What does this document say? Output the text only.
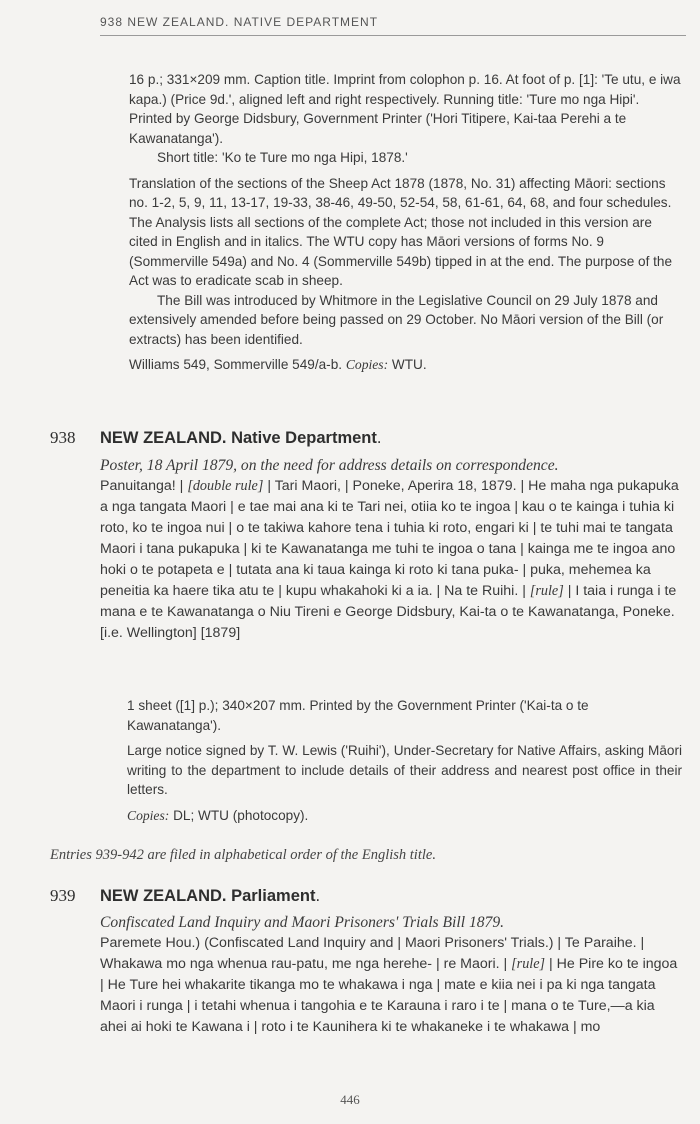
938 NEW ZEALAND. NATIVE DEPARTMENT

16 p.; 331×209 mm. Caption title. Imprint from colophon p. 16. At foot of p. [1]: 'Te utu, e iwa kapa.) (Price 9d.', aligned left and right respectively. Running title: 'Ture mo nga Hipi'. Printed by George Didsbury, Government Printer ('Hori Titipere, Kai-taa Perehi a te Kawanatanga').

Short title: 'Ko te Ture mo nga Hipi, 1878.'

Translation of the sections of the Sheep Act 1878 (1878, No. 31) affecting Māori: sections no. 1-2, 5, 9, 11, 13-17, 19-33, 38-46, 49-50, 52-54, 58, 61-61, 64, 68, and four schedules. The Analysis lists all sections of the complete Act; those not included in this version are cited in English and in italics. The WTU copy has Māori versions of forms No. 9 (Sommerville 549a) and No. 4 (Sommerville 549b) tipped in at the end. The purpose of the Act was to eradicate scab in sheep.

The Bill was introduced by Whitmore in the Legislative Council on 29 July 1878 and extensively amended before being passed on 29 October. No Māori version of the Bill (or extracts) has been identified.

Williams 549, Sommerville 549/a-b. Copies: WTU.

938 NEW ZEALAND. Native Department.

Poster, 18 April 1879, on the need for address details on correspondence.

Panuitanga! | [double rule] | Tari Maori, | Poneke, Aperira 18, 1879. | He maha nga pukapuka a nga tangata Maori | e tae mai ana ki te Tari nei, otiia ko te ingoa | kau o te kainga i tuhia ki roto, ko te ingoa nui | o te takiwa kahore tena i tuhia ki roto, engari ki | te tuhi mai te tangata Maori i tana pukapuka | ki te Kawanatanga me tuhi te ingoa o tana | kainga me te ingoa ano hoki o te potapeta e | tutata ana ki taua kainga ki roto ki tana puka- | puka, mehemea ka peneitia ka haere tika atu te | kupu whakahoki ki a ia. | Na te Ruihi. | [rule] | I taia i runga i te mana e te Kawanatanga o Niu Tireni e George Didsbury, Kai-ta o te Kawanatanga, Poneke. [i.e. Wellington] [1879]

1 sheet ([1] p.); 340×207 mm. Printed by the Government Printer ('Kai-ta o te Kawanatanga').

Large notice signed by T. W. Lewis ('Ruihi'), Under-Secretary for Native Affairs, asking Māori writing to the department to include details of their address and nearest post office in their letters.

Copies: DL; WTU (photocopy).

Entries 939-942 are filed in alphabetical order of the English title.
939 NEW ZEALAND. Parliament.

Confiscated Land Inquiry and Maori Prisoners' Trials Bill 1879.

Paremete Hou.) (Confiscated Land Inquiry and | Maori Prisoners' Trials.) | Te Paraihe. | Whakawa mo nga whenua rau-patu, me nga herehe- | re Maori. | [rule] | He Pire ko te ingoa | He Ture hei whakarite tikanga mo te whakawa i nga | mate e kiia nei i pa ki nga tangata Maori i runga | i tetahi whenua i tangohia e te Karauna i raro i te | mana o te Ture,—a kia ahei ai hoki te Kawana i | roto i te Kaunihera ki te whakaneke i te whakawa | mo

446
